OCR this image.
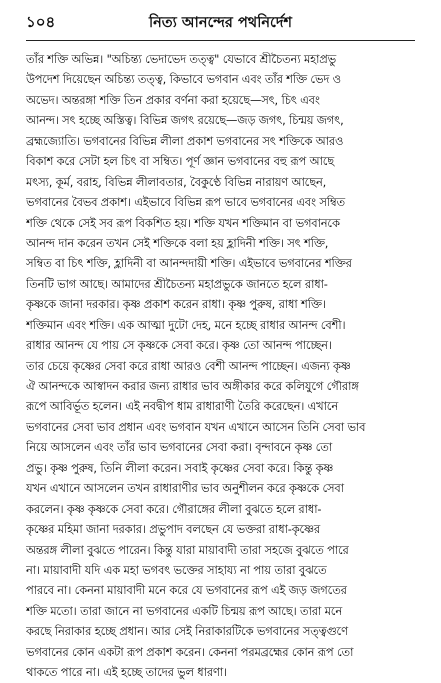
১০৪	নিত্য আনন্দের পথনির্দেশ
তাঁর শক্তি অভিন্ন। "অচিন্ত্য ভেদাভেদ তত্ত্ব" যেভাবে শ্রীচৈতন্য মহাপ্রভু
উপদেশ দিয়েছেন অচিন্ত্য তত্ত্ব, কিভাবে ভগবান এবং তাঁর শক্তি ভেদ ও
অভেদ। অন্তরঙ্গা শক্তি তিন প্রকার বর্ণনা করা হয়েছে—সৎ, চিৎ এবং
আনন্দ। সৎ হচ্ছে অস্তিত্ব। বিভিন্ন জগৎ রয়েছে—জড় জগৎ, চিন্ময় জগৎ,
ব্রহ্মজ্যোতি। ভগবানের বিভিন্ন লীলা প্রকাশ ভগবানের সৎ শক্তিকে আরও
বিকাশ করে সেটা হল চিৎ বা সম্বিত। পূর্ণ জ্ঞান ভগবানের বহু রূপ আছে
মৎস্য, কূর্ম, বরাহ, বিভিন্ন লীলাবতার, বৈকুণ্ঠে বিভিন্ন নারায়ণ আছেন,
ভগবানের বৈভব প্রকাশ। এইভাবে বিভিন্ন রূপ ভাবে ভগবানের এবং সম্বিত
শক্তি থেকে সেই সব রূপ বিকশিত হয়। শক্তি যখন শক্তিমান বা ভগবানকে
আনন্দ দান করেন তখন সেই শক্তিকে বলা হয় হ্লাদিনী শক্তি। সৎ শক্তি,
সম্বিত বা চিৎ শক্তি, হ্লাদিনী বা আনন্দদায়ী শক্তি। এইভাবে ভগবানের শক্তির
তিনটি ভাগ আছে। আমাদের শ্রীচৈতন্য মহাপ্রভুকে জানতে হলে রাধা-
কৃষ্ণকে জানা দরকার। কৃষ্ণ প্রকাশ করেন রাধা। কৃষ্ণ পুরুষ, রাধা শক্তি।
শক্তিমান এবং শক্তি। এক আত্মা দুটো দেহ, মনে হচ্ছে রাধার আনন্দ বেশী।
রাধার আনন্দ যে পায় সে কৃষ্ণকে সেবা করে। কৃষ্ণ তো আনন্দ পাচ্ছেন।
তার চেয়ে কৃষ্ণের সেবা করে রাধা আরও বেশী আনন্দ পাচ্ছেন। এজন্য কৃষ্ণ
ঐ আনন্দকে আস্বাদন করার জন্য রাধার ভাব অঙ্গীকার করে কলিযুগে গৌরাঙ্গ
রূপে আবির্ভূত হলেন। এই নবদ্বীপ ধাম রাধারাণী তৈরি করেছেন। এখানে
ভগবানের সেবা ভাব প্রধান এবং ভগবান যখন এখানে আসেন তিনি সেবা ভাব
নিয়ে আসলেন এবং তাঁর ভাব ভগবানের সেবা করা। বৃন্দাবনে কৃষ্ণ তো
প্রভু। কৃষ্ণ পুরুষ, তিনি লীলা করেন। সবাই কৃষ্ণের সেবা করে। কিন্তু কৃষ্ণ
যখন এখানে আসলেন তখন রাধারাণীর ভাব অনুশীলন করে কৃষ্ণকে সেবা
করলেন। কৃষ্ণ কৃষ্ণকে সেবা করে। গৌরাঙ্গের লীলা বুঝতে হলে রাধা-
কৃষ্ণের মহিমা জানা দরকার। প্রভুপাদ বলছেন যে ভক্তরা রাধা-কৃষ্ণের
অন্তরঙ্গ লীলা বুঝতে পারেন। কিন্তু যারা মায়াবাদী তারা সহজে বুঝতে পারে
না। মায়াবাদী যদি এক মহা ভগবৎ ভক্তের সাহায্য না পায় তারা বুঝতে
পারবে না। কেননা মায়াবাদী মনে করে যে ভগবানের রূপ এই জড় জগতের
শক্তি মতো। তারা জানে না ভগবানের একটি চিন্ময় রূপ আছে। তারা মনে
করছে নিরাকার হচ্ছে প্রধান। আর সেই নিরাকারটিকে ভগবানের সত্ত্বগুণে
ভগবানের কোন একটা রূপ প্রকাশ করেন। কেননা পরমব্রহ্মের কোন রূপ তো
থাকতে পারে না। এই হচ্ছে তাদের ভুল ধারণা।
